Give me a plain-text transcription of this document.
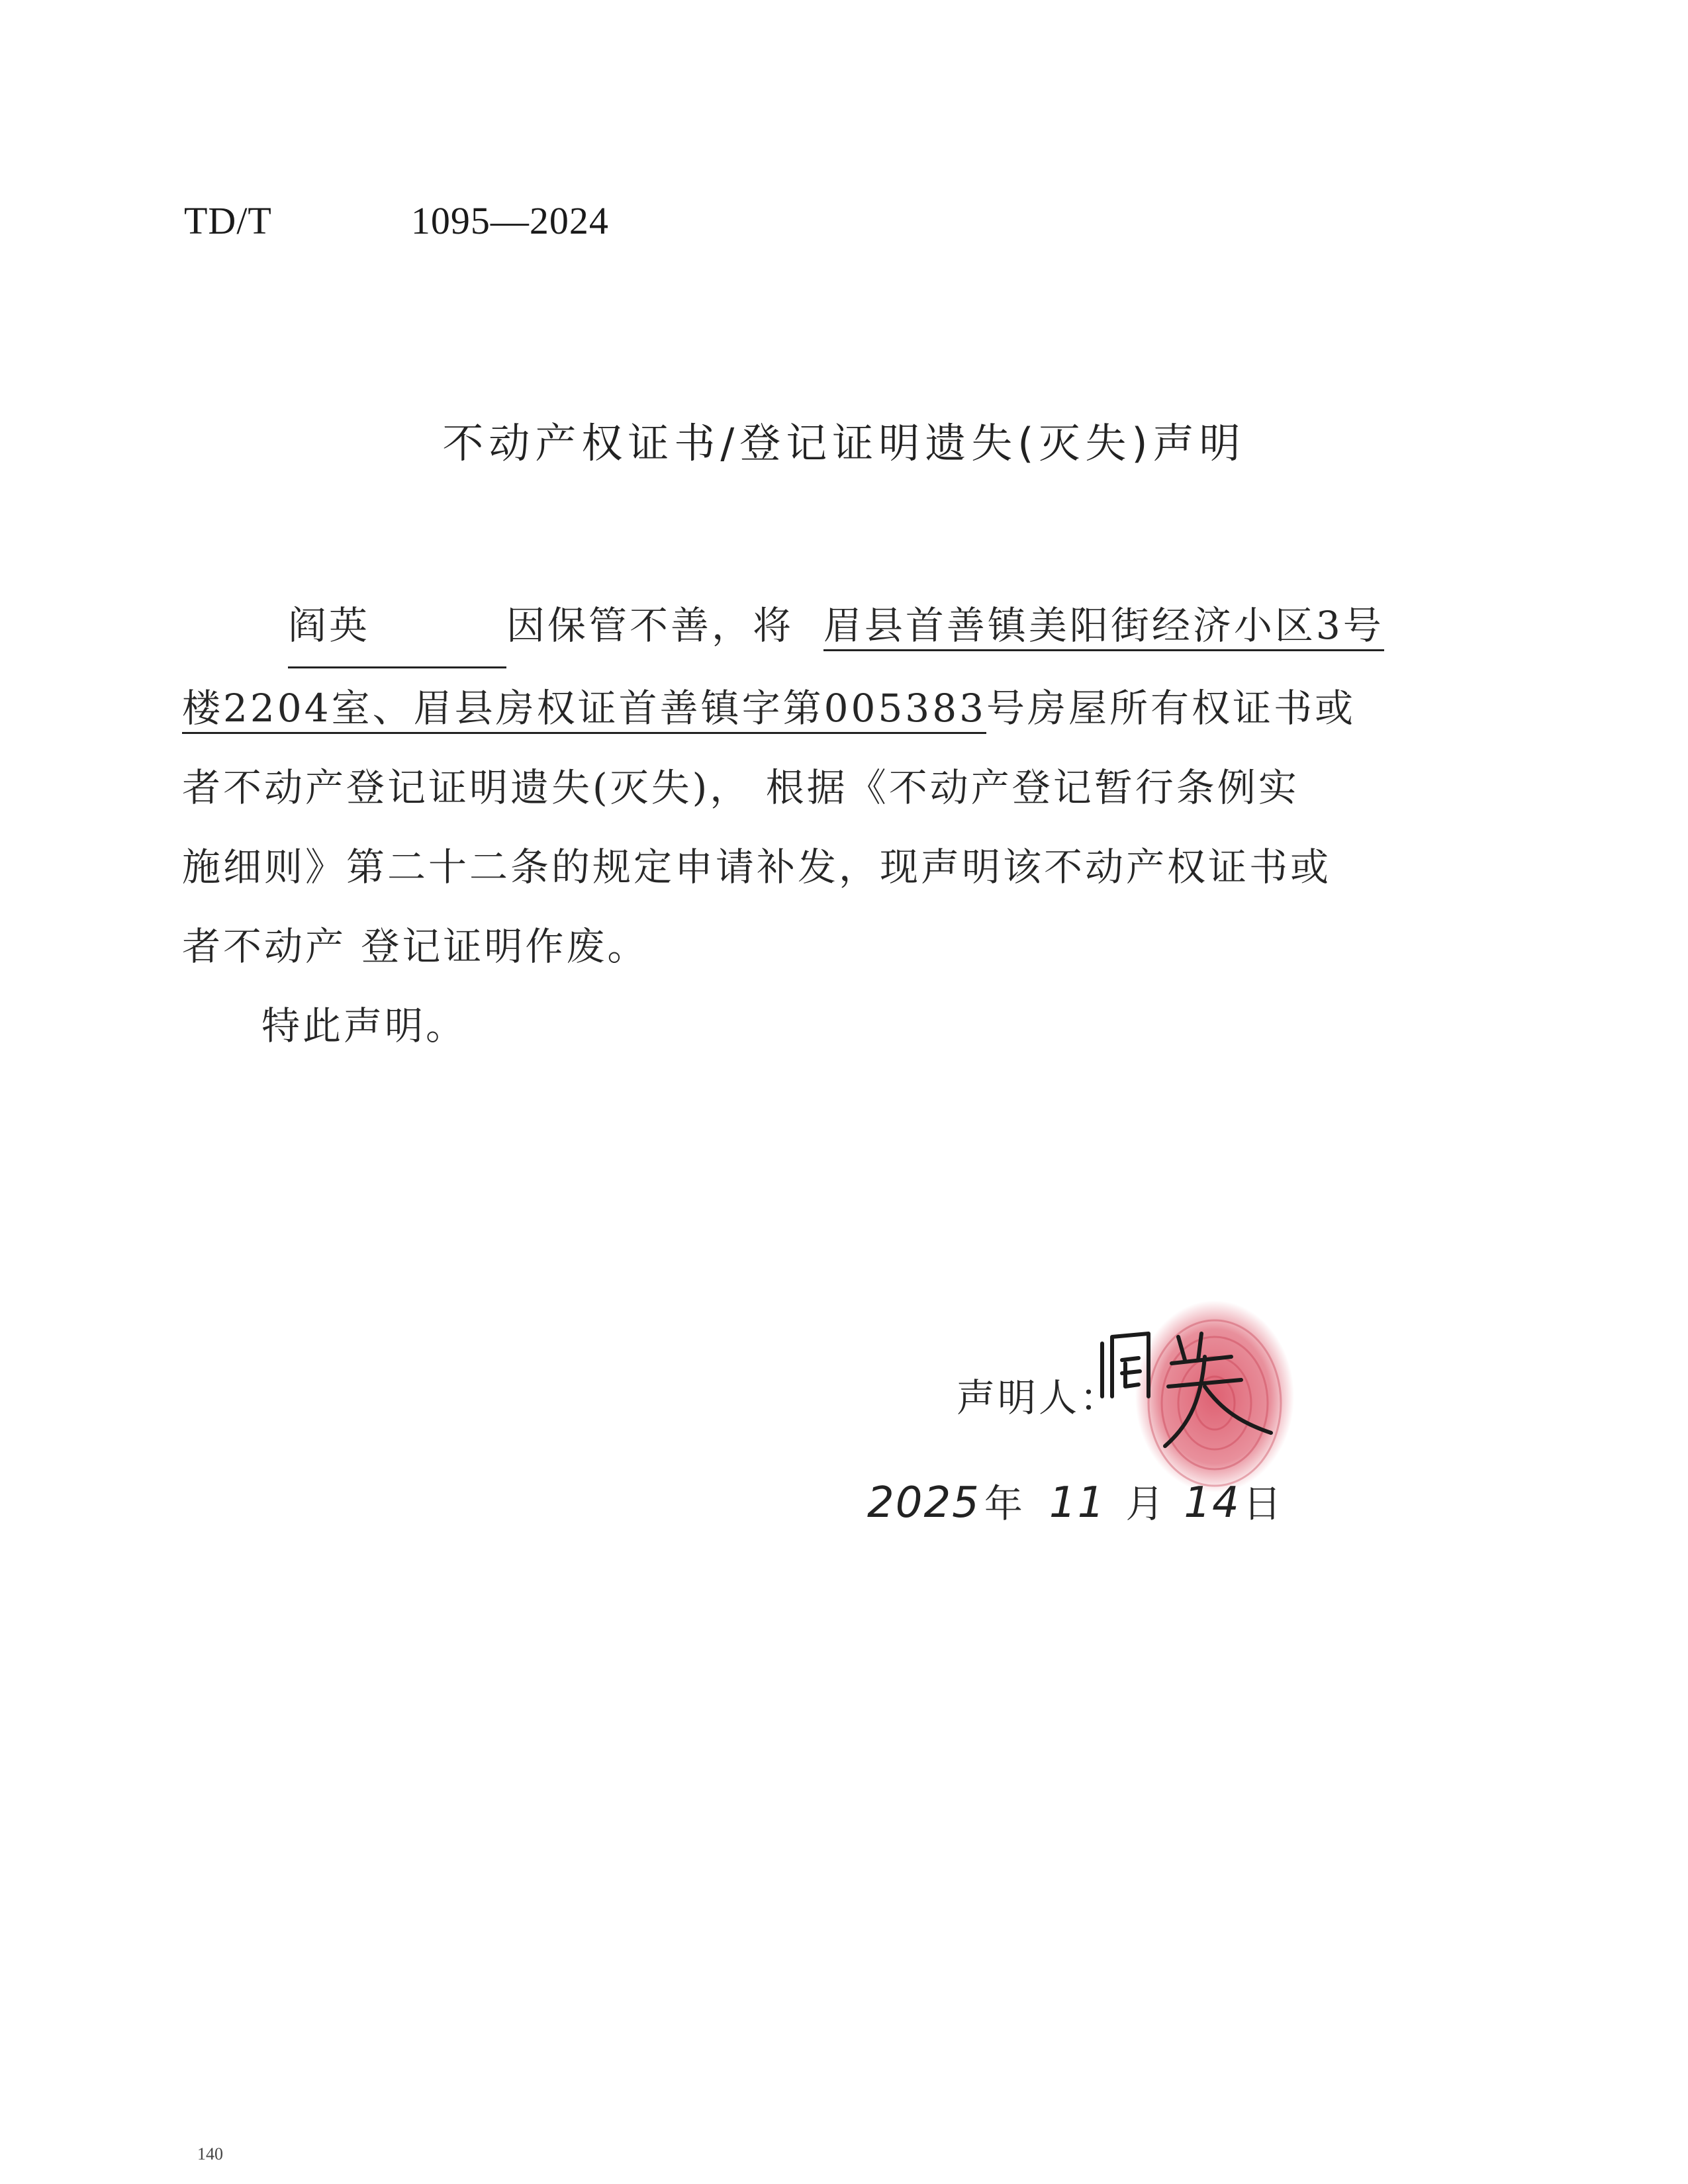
TD/T	1095—2024
不动产权证书/登记证明遗失(灭失)声明
阎英	因保管不善，将 眉县首善镇美阳街经济小区3号
楼2204室、眉县房权证首善镇字第005383号房屋所有权证书或
者不动产登记证明遗失(灭失)， 根据《不动产登记暂行条例实
施细则》第二十二条的规定申请补发，现声明该不动产权证书或
者不动产 登记证明作废。
特此声明。
声明人：
2025 年 11 月 14日
140
